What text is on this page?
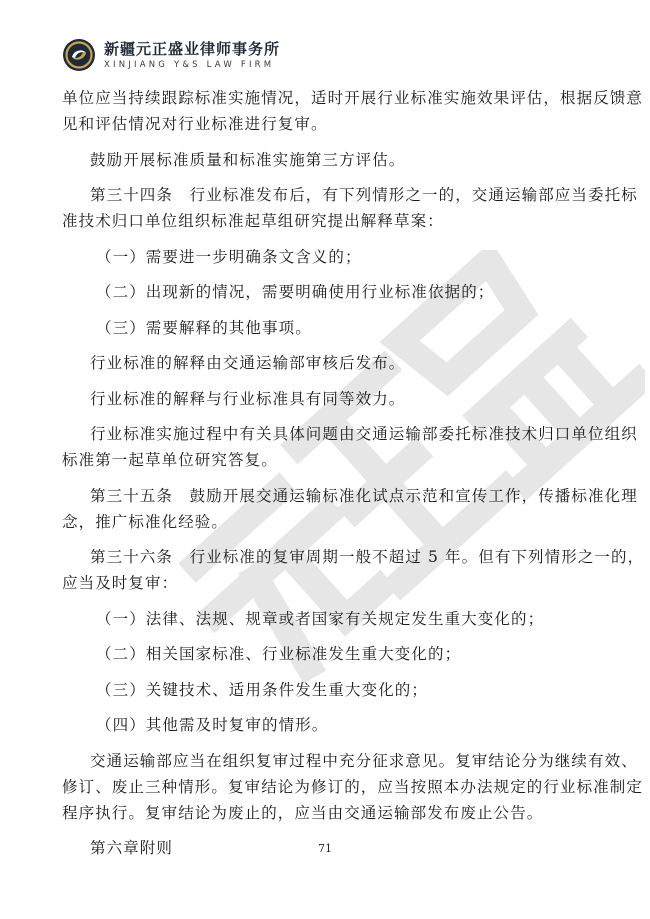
新疆元正盛业律师事务所
XINJIANG Y&S LAW FIRM
单位应当持续跟踪标准实施情况，适时开展行业标准实施效果评估，根据反馈意
见和评估情况对行业标准进行复审。
鼓励开展标准质量和标准实施第三方评估。
第三十四条　行业标准发布后，有下列情形之一的，交通运输部应当委托标
准技术归口单位组织标准起草组研究提出解释草案：
（一）需要进一步明确条文含义的；
（二）出现新的情况，需要明确使用行业标准依据的；
（三）需要解释的其他事项。
行业标准的解释由交通运输部审核后发布。
行业标准的解释与行业标准具有同等效力。
行业标准实施过程中有关具体问题由交通运输部委托标准技术归口单位组织
标准第一起草单位研究答复。
第三十五条　鼓励开展交通运输标准化试点示范和宣传工作，传播标准化理
念，推广标准化经验。
第三十六条　行业标准的复审周期一般不超过 5 年。但有下列情形之一的，
应当及时复审：
（一）法律、法规、规章或者国家有关规定发生重大变化的；
（二）相关国家标准、行业标准发生重大变化的；
（三）关键技术、适用条件发生重大变化的；
（四）其他需及时复审的情形。
交通运输部应当在组织复审过程中充分征求意见。复审结论分为继续有效、
修订、废止三种情形。复审结论为修订的，应当按照本办法规定的行业标准制定
程序执行。复审结论为废止的，应当由交通运输部发布废止公告。
第六章附则	71
